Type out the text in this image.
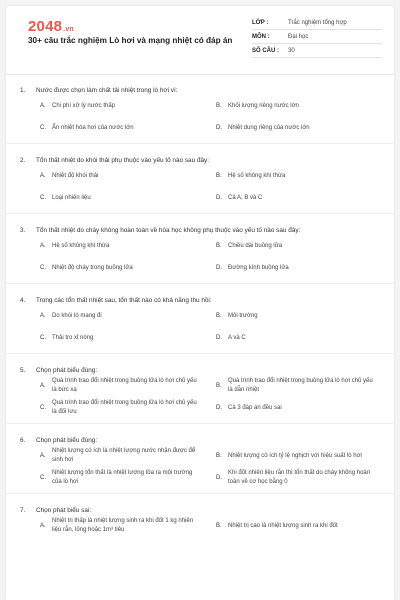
2048.vn
30+ câu trắc nghiệm Lò hơi và mạng nhiệt có đáp án
LỚP :	Trắc nghiệm tổng hợp
MÔN :	Đại học
SỐ CÂU :	30
1.	Nước được chọn làm chất tải nhiệt trong lò hơi vì:
A.	Chi phí xử lý nước thấp	B.	Khối lượng riêng nước lớn
C.	Ẩn nhiệt hóa hơi của nước lớn	D.	Nhiệt dung riêng của nước lớn
2.	Tổn thất nhiệt do khói thải phụ thuộc vào yếu tố nào sau đây:
A.	Nhiệt độ khói thải	B.	Hệ số không khí thừa
C.	Loại nhiên liệu	D.	Cả A, B và C
3.	Tổn thất nhiệt do cháy không hoàn toàn về hóa học không phụ thuộc vào yếu tố nào sau đây:
A.	Hệ số không khí thừa	B.	Chiều dài buồng lửa
C.	Nhiệt độ cháy trong buồng lửa	D.	Đường kính buồng lửa
4.	Trong các tổn thất nhiệt sau, tổn thất nào có khả năng thu hồi:
A.	Do khói lò mang đi	B.	Môi trường
C.	Thải tro xỉ nóng	D.	A và C
5.	Chọn phát biểu đúng:
A.
Quá trình trao đổi nhiệt trong buồng lửa lò hơi chủ yếu là bức xạ
B.
Quá trình trao đổi nhiệt trong buồng lửa lò hơi chủ yếu là dẫn nhiệt
C.
Quá trình trao đổi nhiệt trong buồng lửa lò hơi chủ yếu là đối lưu
D.	Cả 3 đáp án đều sai
6.	Chọn phát biểu đúng:
A.
Nhiệt lượng có ích là nhiệt lượng nước nhận được để sinh hơi
B.	Nhiệt lượng có ích tỷ lệ nghịch với hiệu suất lò hơi
C.
Nhiệt lượng tổn thất là nhiệt lượng tỏa ra môi trường của lò hơi
D.
Khi đốt nhiên liệu rắn thì tổn thất do cháy không hoàn toàn về cơ học bằng 0
7.	Chọn phát biểu sai:
A.
Nhiệt trị thấp là nhiệt lượng sinh ra khi đốt 1 kg nhiên liệu rắn, lỏng hoặc 1m³ tiêu
B.	Nhiệt trị cao là nhiệt lượng sinh ra khi đốt
